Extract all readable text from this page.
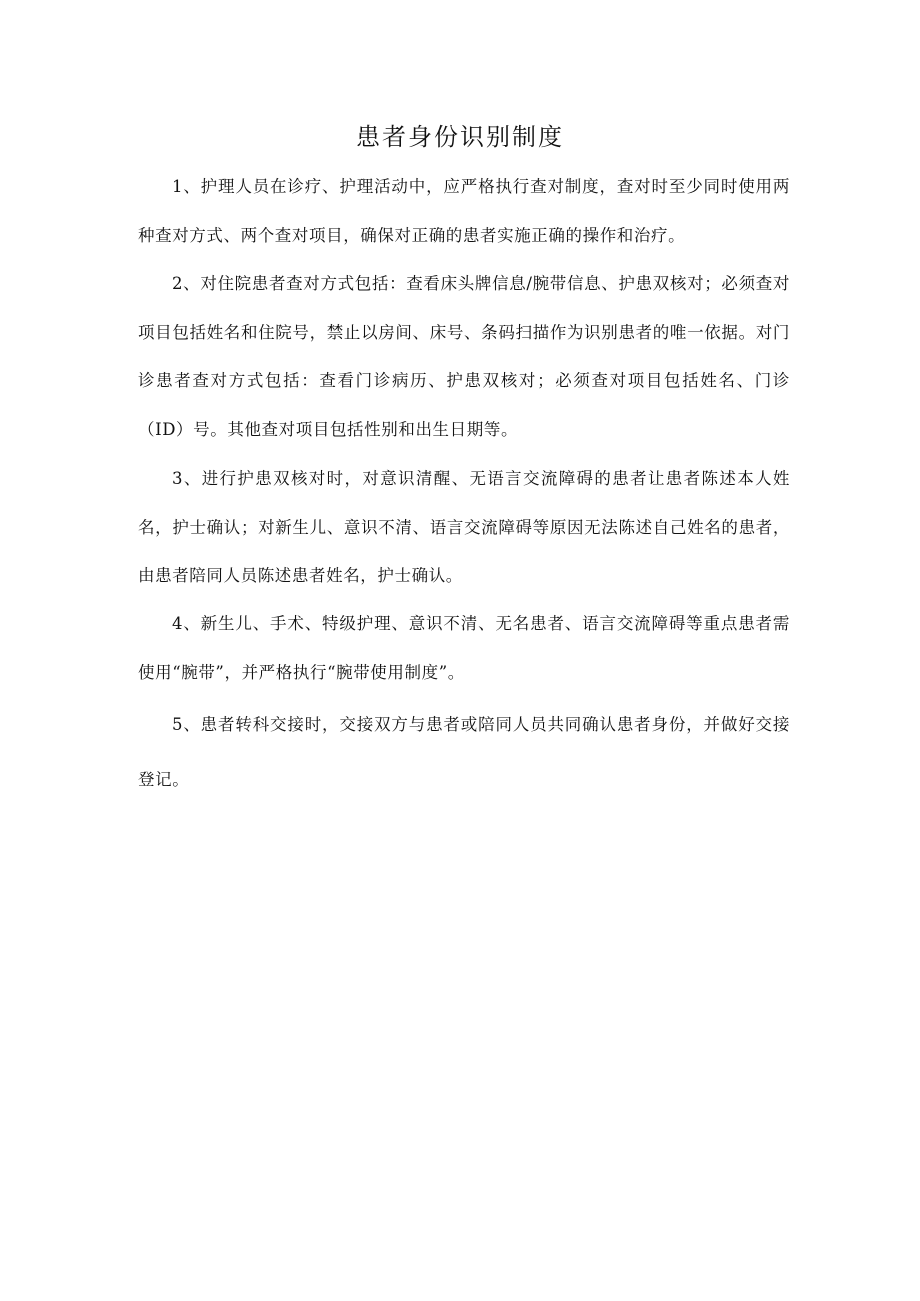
患者身份识别制度

1、护理人员在诊疗、护理活动中，应严格执行查对制度，查对时至少同时使用两种查对方式、两个查对项目，确保对正确的患者实施正确的操作和治疗。

2、对住院患者查对方式包括：查看床头牌信息/腕带信息、护患双核对；必须查对项目包括姓名和住院号，禁止以房间、床号、条码扫描作为识别患者的唯一依据。对门诊患者查对方式包括：查看门诊病历、护患双核对；必须查对项目包括姓名、门诊（ID）号。其他查对项目包括性别和出生日期等。

3、进行护患双核对时，对意识清醒、无语言交流障碍的患者让患者陈述本人姓名，护士确认；对新生儿、意识不清、语言交流障碍等原因无法陈述自己姓名的患者，由患者陪同人员陈述患者姓名，护士确认。

4、新生儿、手术、特级护理、意识不清、无名患者、语言交流障碍等重点患者需使用“腕带”，并严格执行“腕带使用制度”。

5、患者转科交接时，交接双方与患者或陪同人员共同确认患者身份，并做好交接登记。
